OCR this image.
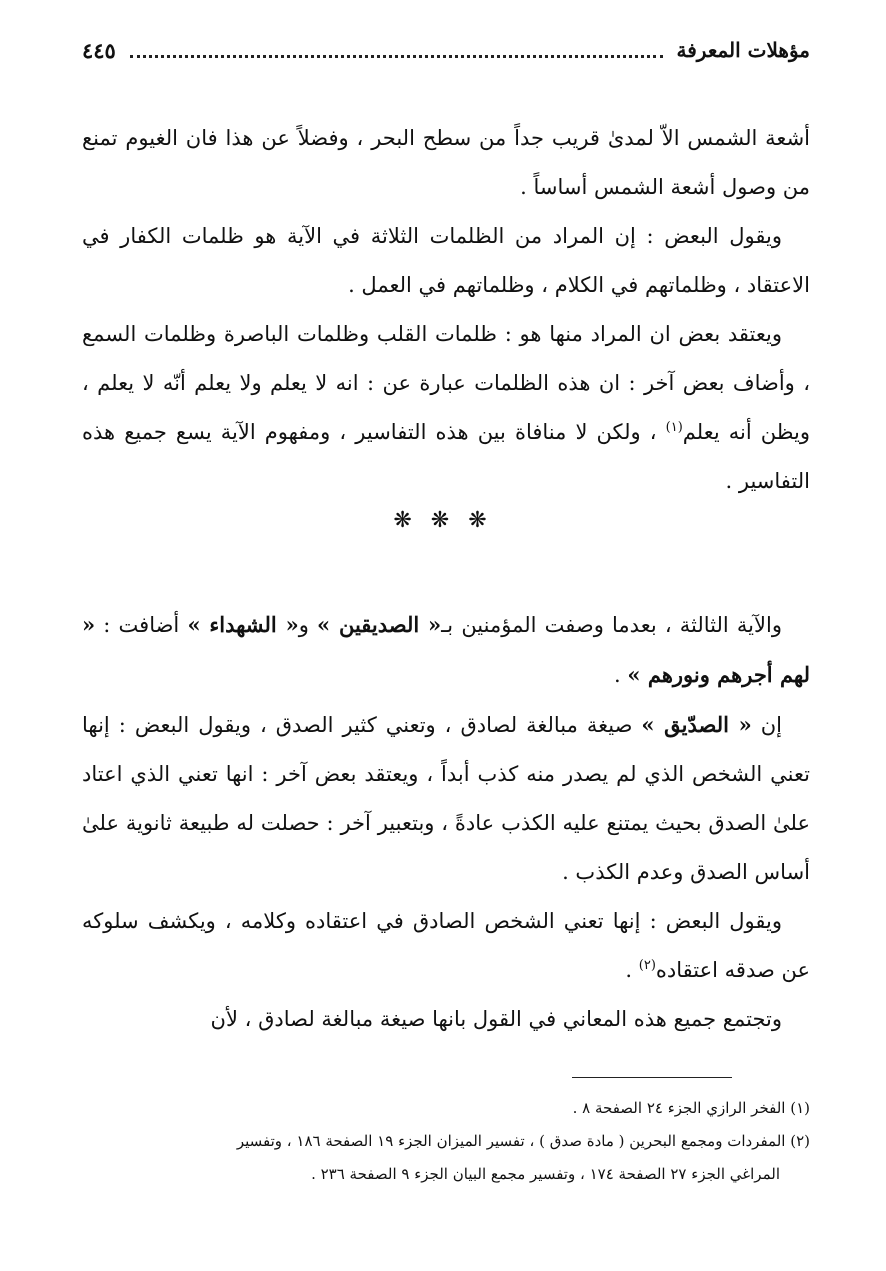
مؤهلات المعرفة
٤٤٥

أشعة الشمس الاّ لمدىٰ قريب جداً من سطح البحر ، وفضلاً عن هذا فان الغيوم تمنع من وصول أشعة الشمس أساساً .

ويقول البعض : إن المراد من الظلمات الثلاثة في الآية هو ظلمات الكفار في الاعتقاد ، وظلماتهم في الكلام ، وظلماتهم في العمل .

ويعتقد بعض ان المراد منها هو : ظلمات القلب وظلمات الباصرة وظلمات السمع ، وأضاف بعض آخر : ان هذه الظلمات عبارة عن : انه لا يعلم ولا يعلم أنّه لا يعلم ، ويظن أنه يعلم$^{(١)}$ ، ولكن لا منافاة بين هذه التفاسير ، ومفهوم الآية يسع جميع هذه التفاسير .

❋ ❋ ❋

والآية الثالثة ، بعدما وصفت المؤمنين بـ« الصديقين » و« الشهداء » أضافت : « لهم أجرهم ونورهم » .

إن « الصدّيق » صيغة مبالغة لصادق ، وتعني كثير الصدق ، ويقول البعض : إنها تعني الشخص الذي لم يصدر منه كذب أبداً ، ويعتقد بعض آخر : انها تعني الذي اعتاد علىٰ الصدق بحيث يمتنع عليه الكذب عادةً ، وبتعبير آخر : حصلت له طبيعة ثانوية علىٰ أساس الصدق وعدم الكذب .

ويقول البعض : إنها تعني الشخص الصادق في اعتقاده وكلامه ، ويكشف سلوكه عن صدقه اعتقاده$^{(٢)}$ .

وتجتمع جميع هذه المعاني في القول بانها صيغة مبالغة لصادق ، لأن

(١) الفخر الرازي الجزء ٢٤ الصفحة ٨ .

(٢) المفردات ومجمع البحرين ( مادة صدق ) ، تفسير الميزان الجزء ١٩ الصفحة ١٨٦ ، وتفسير

المراغي الجزء ٢٧ الصفحة ١٧٤ ، وتفسير مجمع البيان الجزء ٩ الصفحة ٢٣٦ .
